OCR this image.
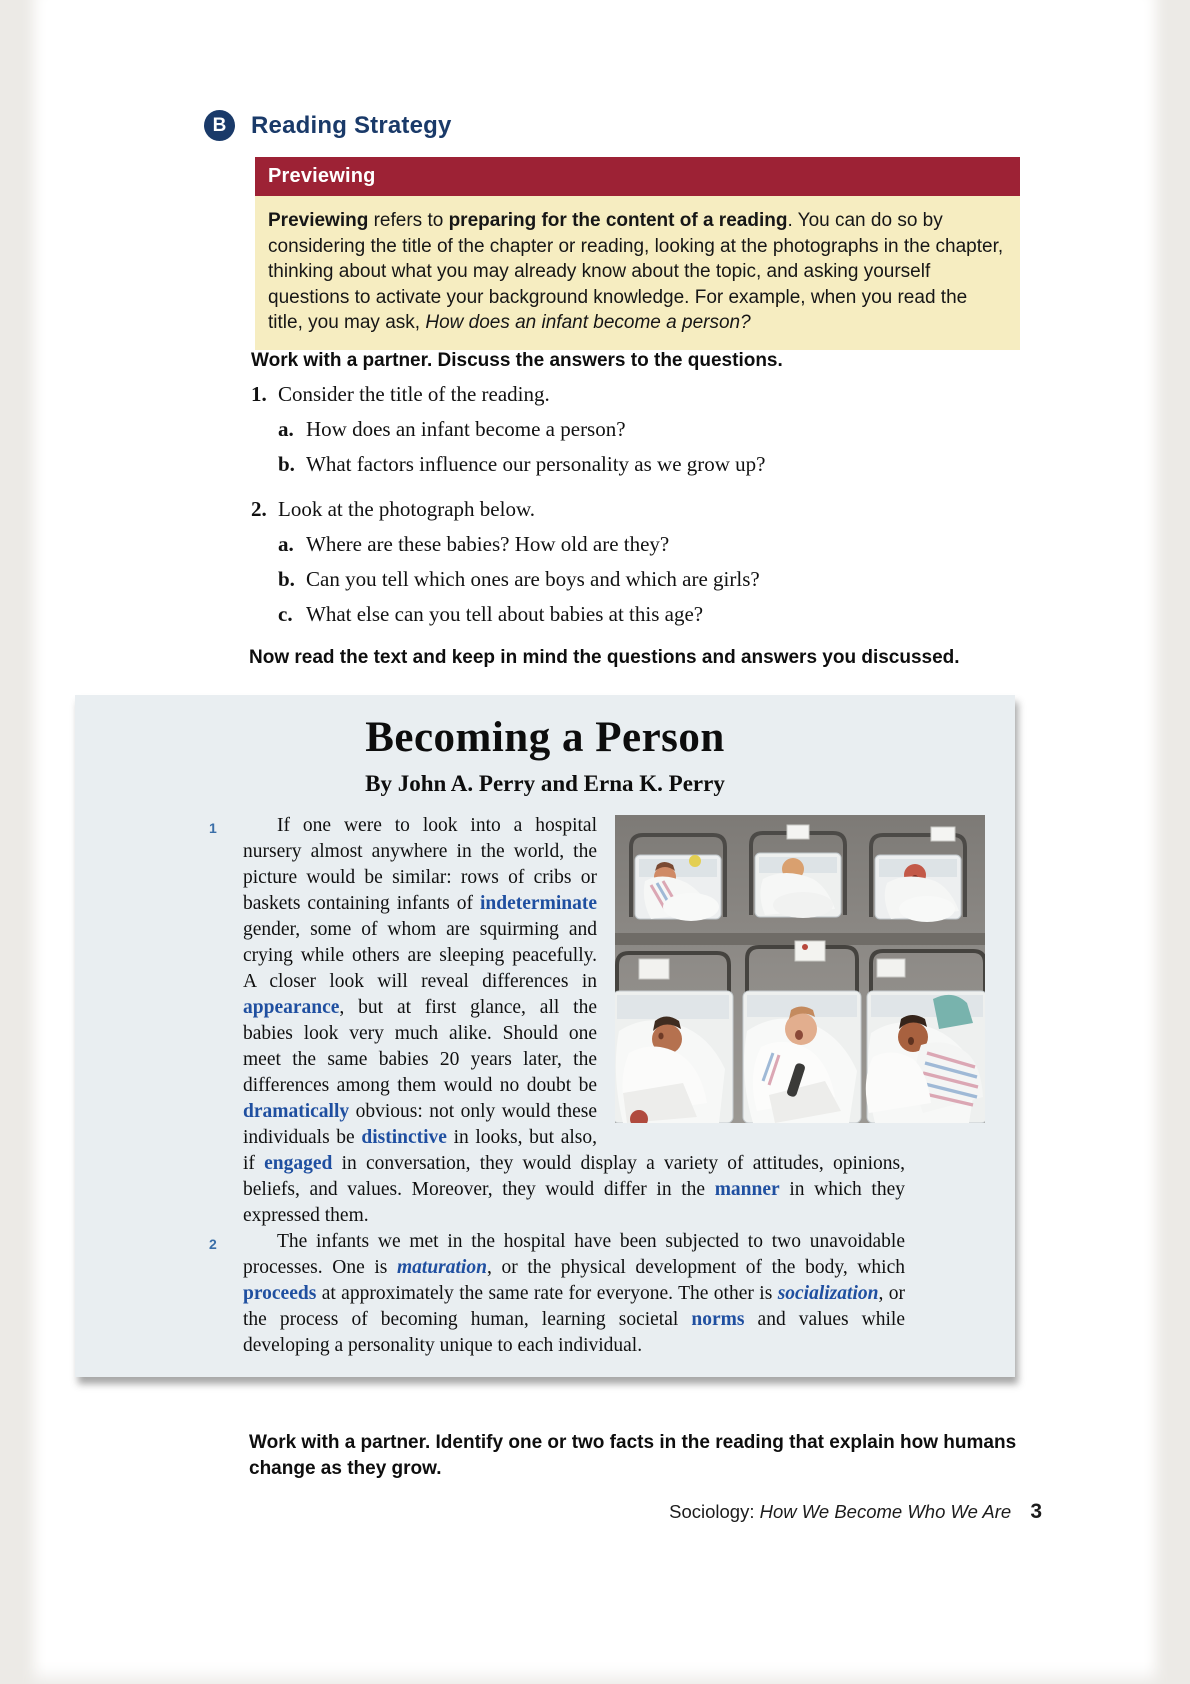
B Reading Strategy
Previewing
Previewing refers to preparing for the content of a reading. You can do so by considering the title of the chapter or reading, looking at the photographs in the chapter, thinking about what you may already know about the topic, and asking yourself questions to activate your background knowledge. For example, when you read the title, you may ask, How does an infant become a person?

Work with a partner. Discuss the answers to the questions.

1. Consider the title of the reading.
a. How does an infant become a person?
b. What factors influence our personality as we grow up?
2. Look at the photograph below.
a. Where are these babies? How old are they?
b. Can you tell which ones are boys and which are girls?
c. What else can you tell about babies at this age?

Now read the text and keep in mind the questions and answers you discussed.

Becoming a Person
By John A. Perry and Erna K. Perry

1	If one were to look into a hospital nursery almost anywhere in the world, the picture would be similar: rows of cribs or baskets containing infants of indeterminate gender, some of whom are squirming and crying while others are sleeping peacefully. A closer look will reveal differences in appearance, but at first glance, all the babies look very much alike. Should one meet the same babies 20 years later, the differences among them would no doubt be dramatically obvious: not only would these individuals be distinctive in looks, but also, if engaged in conversation, they would display a variety of attitudes, opinions, beliefs, and values. Moreover, they would differ in the manner in which they expressed them.

2	The infants we met in the hospital have been subjected to two unavoidable processes. One is maturation, or the physical development of the body, which proceeds at approximately the same rate for everyone. The other is socialization, or the process of becoming human, learning societal norms and values while developing a personality unique to each individual.

Work with a partner. Identify one or two facts in the reading that explain how humans change as they grow.

Sociology: How We Become Who We Are 3
